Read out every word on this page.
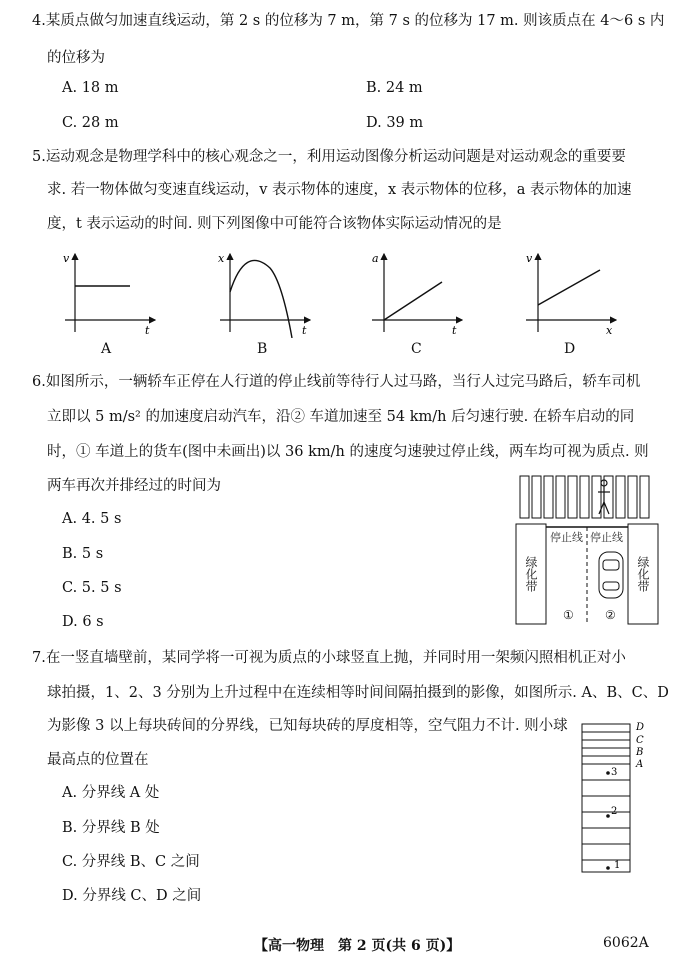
4.某质点做匀加速直线运动，第 2 s 的位移为 7 m，第 7 s 的位移为 17 m. 则该质点在 4～6 s 内
的位移为
A. 18 m	B. 24 m
C. 28 m	D. 39 m
5.运动观念是物理学科中的核心观念之一，利用运动图像分析运动问题是对运动观念的重要要
求. 若一物体做匀变速直线运动，v 表示物体的速度，x 表示物体的位移，a 表示物体的加速
度，t 表示运动的时间. 则下列图像中可能符合该物体实际运动情况的是
v
t
A
x
t
B
a
t
C
v
x
D
6.如图所示，一辆轿车正停在人行道的停止线前等待行人过马路，当行人过完马路后，轿车司机
立即以 5 m/s² 的加速度启动汽车，沿② 车道加速至 54 km/h 后匀速行驶. 在轿车启动的同
时，① 车道上的货车(图中未画出)以 36 km/h 的速度匀速驶过停止线，两车均可视为质点. 则
两车再次并排经过的时间为
A. 4. 5 s
B. 5 s
C. 5. 5 s
D. 6 s
停止线 停止线
绿化带	绿化带
①	②
7.在一竖直墙壁前，某同学将一可视为质点的小球竖直上抛，并同时用一架频闪照相机正对小
球拍摄，1、2、3 分别为上升过程中在连续相等时间间隔拍摄到的影像，如图所示. A、B、C、D
为影像 3 以上每块砖间的分界线，已知每块砖的厚度相等，空气阻力不计. 则小球
最高点的位置在
A. 分界线 A 处
B. 分界线 B 处
C. 分界线 B、C 之间
D. 分界线 C、D 之间
D
C
B
A
3
2
1
【高一物理　第 2 页(共 6 页)】	6062A
